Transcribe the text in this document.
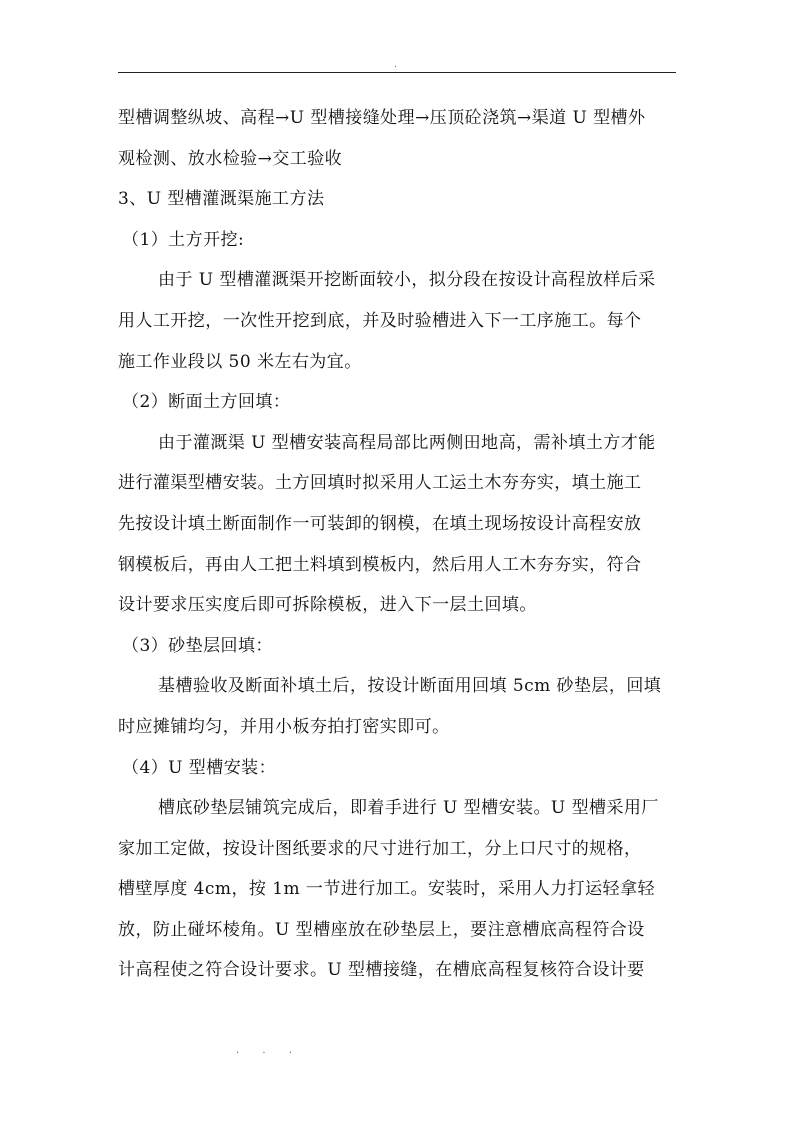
.
型槽调整纵坡、高程→U 型槽接缝处理→压顶砼浇筑→渠道 U 型槽外
观检测、放水检验→交工验收
3、U 型槽灌溉渠施工方法
（1）土方开挖:
由于 U 型槽灌溉渠开挖断面较小，拟分段在按设计高程放样后采
用人工开挖，一次性开挖到底，并及时验槽进入下一工序施工。每个
施工作业段以 50 米左右为宜。
（2）断面土方回填：
由于灌溉渠 U 型槽安装高程局部比两侧田地高，需补填土方才能
进行灌渠型槽安装。土方回填时拟采用人工运土木夯夯实，填土施工
先按设计填土断面制作一可装卸的钢模，在填土现场按设计高程安放
钢模板后，再由人工把土料填到模板内，然后用人工木夯夯实，符合
设计要求压实度后即可拆除模板，进入下一层土回填。
（3）砂垫层回填：
基槽验收及断面补填土后，按设计断面用回填 5cm 砂垫层，回填
时应摊铺均匀，并用小板夯拍打密实即可。
（4）U 型槽安装：
槽底砂垫层铺筑完成后，即着手进行 U 型槽安装。U 型槽采用厂
家加工定做，按设计图纸要求的尺寸进行加工，分上口尺寸的规格，
槽壁厚度 4cm，按 1m 一节进行加工。安装时，采用人力打运轻拿轻
放，防止碰坏棱角。U 型槽座放在砂垫层上，要注意槽底高程符合设
计高程使之符合设计要求。U 型槽接缝，在槽底高程复核符合设计要
. . .
